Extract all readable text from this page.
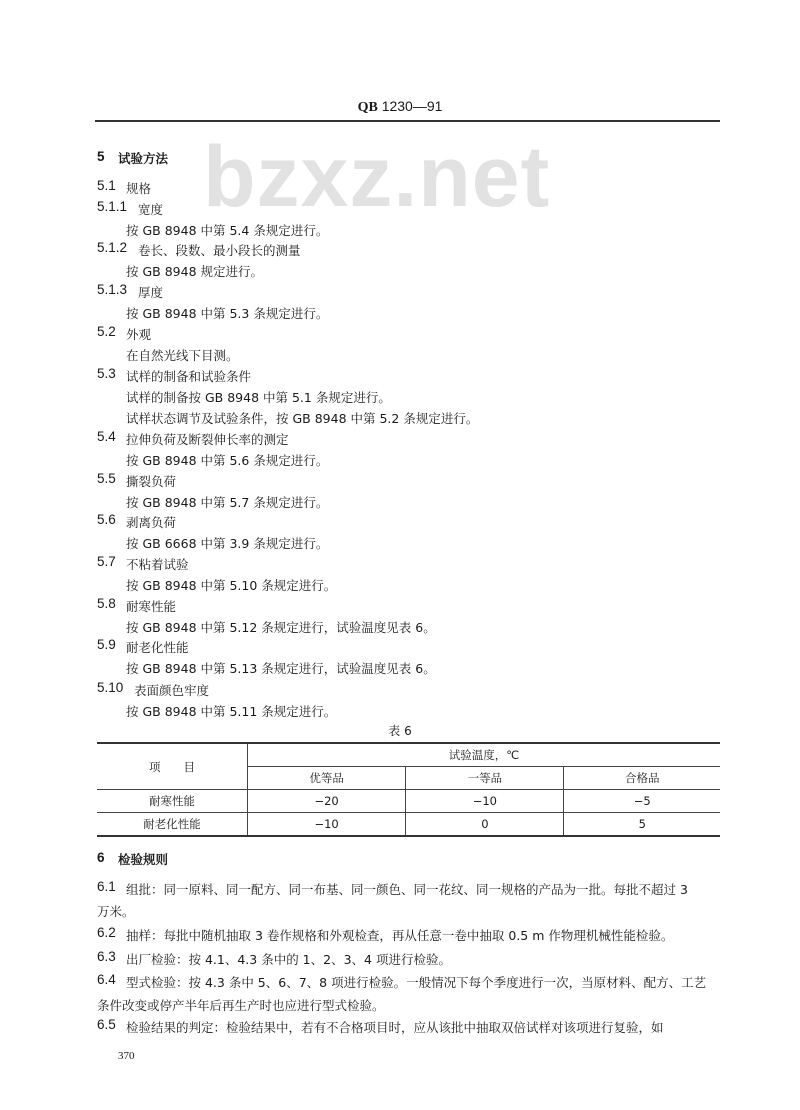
QB 1230—91
bzxz.net
5 试验方法
5.1 规格
5.1.1 宽度
按 GB 8948 中第 5.4 条规定进行。
5.1.2 卷长、段数、最小段长的测量
按 GB 8948 规定进行。
5.1.3 厚度
按 GB 8948 中第 5.3 条规定进行。
5.2 外观
在自然光线下目测。
5.3 试样的制备和试验条件
试样的制备按 GB 8948 中第 5.1 条规定进行。
试样状态调节及试验条件，按 GB 8948 中第 5.2 条规定进行。
5.4 拉伸负荷及断裂伸长率的测定
按 GB 8948 中第 5.6 条规定进行。
5.5 撕裂负荷
按 GB 8948 中第 5.7 条规定进行。
5.6 剥离负荷
按 GB 6668 中第 3.9 条规定进行。
5.7 不粘着试验
按 GB 8948 中第 5.10 条规定进行。
5.8 耐寒性能
按 GB 8948 中第 5.12 条规定进行，试验温度见表 6。
5.9 耐老化性能
按 GB 8948 中第 5.13 条规定进行，试验温度见表 6。
5.10 表面颜色牢度
按 GB 8948 中第 5.11 条规定进行。
表 6
项　　目	试验温度，℃		
	优等品	一等品	合格品
耐寒性能	−20	−10	−5
耐老化性能	−10	0	5
6 检验规则
6.1 组批：同一原料、同一配方、同一布基、同一颜色、同一花纹、同一规格的产品为一批。每批不超过 3
万米。
6.2 抽样：每批中随机抽取 3 卷作规格和外观检查，再从任意一卷中抽取 0.5 m 作物理机械性能检验。
6.3 出厂检验：按 4.1、4.3 条中的 1、2、3、4 项进行检验。
6.4 型式检验：按 4.3 条中 5、6、7、8 项进行检验。一般情况下每个季度进行一次，当原材料、配方、工艺
条件改变或停产半年后再生产时也应进行型式检验。
6.5 检验结果的判定：检验结果中，若有不合格项目时，应从该批中抽取双倍试样对该项进行复验，如
370
